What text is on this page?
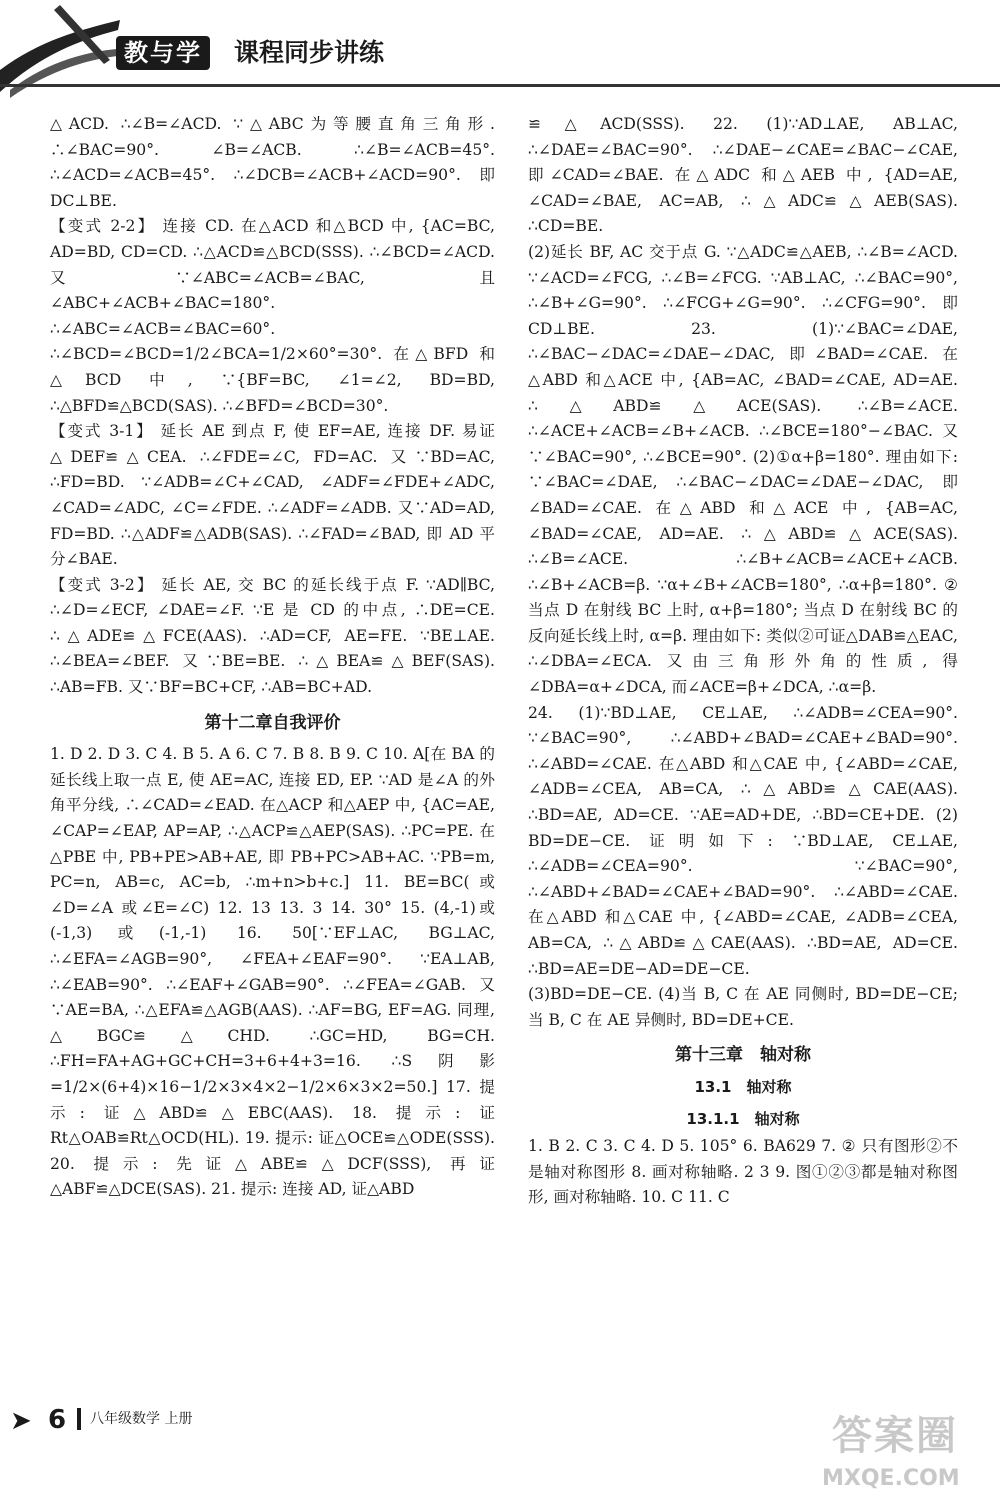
教与学	课程同步讲练

△ACD. ∴∠B=∠ACD. ∵△ABC为等腰直角三角形. ∴∠BAC=90°. ∠B=∠ACB. ∴∠B=∠ACB=45°. ∴∠ACD=∠ACB=45°. ∴∠DCB=∠ACB+∠ACD=90°. 即 DC⊥BE.

【变式 2-2】 连接 CD. 在△ACD 和△BCD 中, {AC=BC, AD=BD, CD=CD. ∴△ACD≌△BCD(SSS). ∴∠BCD=∠ACD. 又∵∠ABC=∠ACB=∠BAC, 且∠ABC+∠ACB+∠BAC=180°. ∴∠ABC=∠ACB=∠BAC=60°. ∴∠BCD=∠BCD=1/2∠BCA=1/2×60°=30°. 在△BFD 和△BCD 中, ∵{BF=BC, ∠1=∠2, BD=BD, ∴△BFD≌△BCD(SAS). ∴∠BFD=∠BCD=30°.

【变式 3-1】 延长 AE 到点 F, 使 EF=AE, 连接 DF. 易证△DEF≌△CEA. ∴∠FDE=∠C, FD=AC. 又∵BD=AC, ∴FD=BD. ∵∠ADB=∠C+∠CAD, ∠ADF=∠FDE+∠ADC, ∠CAD=∠ADC, ∠C=∠FDE. ∴∠ADF=∠ADB. 又∵AD=AD, FD=BD. ∴△ADF≌△ADB(SAS). ∴∠FAD=∠BAD, 即 AD 平分∠BAE.

【变式 3-2】 延长 AE, 交 BC 的延长线于点 F. ∵AD∥BC, ∴∠D=∠ECF, ∠DAE=∠F. ∵E 是 CD 的中点, ∴DE=CE. ∴△ADE≌△FCE(AAS). ∴AD=CF, AE=FE. ∵BE⊥AE. ∴∠BEA=∠BEF. 又∵BE=BE. ∴△BEA≌△BEF(SAS). ∴AB=FB. 又∵BF=BC+CF, ∴AB=BC+AD.

第十二章自我评价

1. D 2. D 3. C 4. B 5. A 6. C 7. B 8. B 9. C 10. A[在 BA 的延长线上取一点 E, 使 AE=AC, 连接 ED, EP. ∵AD 是∠A 的外角平分线, ∴∠CAD=∠EAD. 在△ACP 和△AEP 中, {AC=AE, ∠CAP=∠EAP, AP=AP, ∴△ACP≌△AEP(SAS). ∴PC=PE. 在△PBE 中, PB+PE>AB+AE, 即 PB+PC>AB+AC. ∵PB=m, PC=n, AB=c, AC=b, ∴m+n>b+c.] 11. BE=BC(或∠D=∠A 或∠E=∠C) 12. 13 13. 3 14. 30° 15. (4,-1)或(-1,3)或(-1,-1) 16. 50[∵EF⊥AC, BG⊥AC, ∴∠EFA=∠AGB=90°, ∠FEA+∠EAF=90°. ∵EA⊥AB, ∴∠EAB=90°. ∴∠EAF+∠GAB=90°. ∴∠FEA=∠GAB. 又∵AE=BA, ∴△EFA≌△AGB(AAS). ∴AF=BG, EF=AG. 同理, △BGC≌△CHD. ∴GC=HD, BG=CH. ∴FH=FA+AG+GC+CH=3+6+4+3=16. ∴S阴影=1/2×(6+4)×16−1/2×3×4×2−1/2×6×3×2=50.] 17. 提示: 证△ABD≌△EBC(AAS). 18. 提示: 证 Rt△OAB≌Rt△OCD(HL). 19. 提示: 证△OCE≌△ODE(SSS). 20. 提示: 先证△ABE≌△DCF(SSS), 再证△ABF≌△DCE(SAS). 21. 提示: 连接 AD, 证△ABD

≌△ACD(SSS). 22. (1)∵AD⊥AE, AB⊥AC, ∴∠DAE=∠BAC=90°. ∴∠DAE−∠CAE=∠BAC−∠CAE, 即∠CAD=∠BAE. 在△ADC 和△AEB 中, {AD=AE, ∠CAD=∠BAE, AC=AB, ∴△ADC≌△AEB(SAS). ∴CD=BE.

(2)延长 BF, AC 交于点 G. ∵△ADC≌△AEB, ∴∠B=∠ACD. ∵∠ACD=∠FCG, ∴∠B=∠FCG. ∵AB⊥AC, ∴∠BAC=90°, ∴∠B+∠G=90°. ∴∠FCG+∠G=90°. ∴∠CFG=90°. 即 CD⊥BE. 23. (1)∵∠BAC=∠DAE, ∴∠BAC−∠DAC=∠DAE−∠DAC, 即∠BAD=∠CAE. 在△ABD 和△ACE 中, {AB=AC, ∠BAD=∠CAE, AD=AE. ∴△ABD≌△ACE(SAS). ∴∠B=∠ACE. ∴∠ACE+∠ACB=∠B+∠ACB. ∴∠BCE=180°−∠BAC. 又∵∠BAC=90°, ∴∠BCE=90°. (2)①α+β=180°. 理由如下: ∵∠BAC=∠DAE, ∴∠BAC−∠DAC=∠DAE−∠DAC, 即∠BAD=∠CAE. 在△ABD 和△ACE 中, {AB=AC, ∠BAD=∠CAE, AD=AE. ∴△ABD≌△ACE(SAS). ∴∠B=∠ACE. ∴∠B+∠ACB=∠ACE+∠ACB. ∴∠B+∠ACB=β. ∵α+∠B+∠ACB=180°, ∴α+β=180°. ② 当点 D 在射线 BC 上时, α+β=180°; 当点 D 在射线 BC 的反向延长线上时, α=β. 理由如下: 类似②可证△DAB≌△EAC, ∴∠DBA=∠ECA. 又由三角形外角的性质, 得∠DBA=α+∠DCA, 而∠ACE=β+∠DCA, ∴α=β.

24. (1)∵BD⊥AE, CE⊥AE, ∴∠ADB=∠CEA=90°. ∵∠BAC=90°, ∴∠ABD+∠BAD=∠CAE+∠BAD=90°. ∴∠ABD=∠CAE. 在△ABD 和△CAE 中, {∠ABD=∠CAE, ∠ADB=∠CEA, AB=CA, ∴△ABD≌△CAE(AAS). ∴BD=AE, AD=CE. ∵AE=AD+DE, ∴BD=CE+DE. (2) BD=DE−CE. 证明如下: ∵BD⊥AE, CE⊥AE, ∴∠ADB=∠CEA=90°. ∵∠BAC=90°, ∴∠ABD+∠BAD=∠CAE+∠BAD=90°. ∴∠ABD=∠CAE. 在△ABD 和△CAE 中, {∠ABD=∠CAE, ∠ADB=∠CEA, AB=CA, ∴△ABD≌△CAE(AAS). ∴BD=AE, AD=CE. ∴BD=AE=DE−AD=DE−CE.

(3)BD=DE−CE. (4)当 B, C 在 AE 同侧时, BD=DE−CE; 当 B, C 在 AE 异侧时, BD=DE+CE.

第十三章　轴对称
13.1　轴对称
13.1.1　轴对称

1. B 2. C 3. C 4. D 5. 105° 6. BA629 7. ② 只有图形②不是轴对称图形 8. 画对称轴略. 2 3 9. 图①②③都是轴对称图形, 画对称轴略. 10. C 11. C

➤ 6 八年级数学 上册	答案圈
MXQE.COM
